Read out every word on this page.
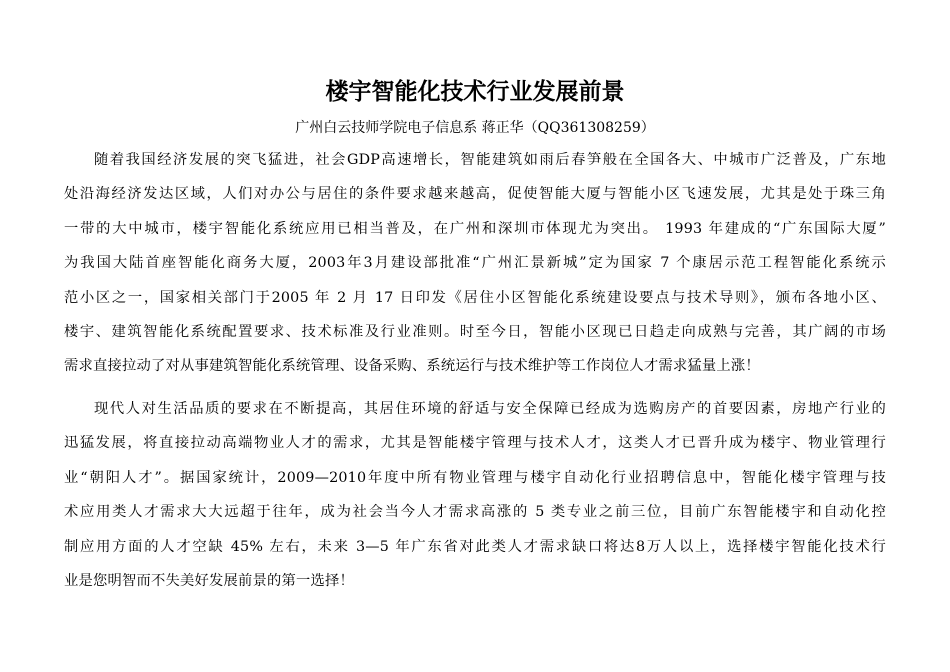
楼宇智能化技术行业发展前景
广州白云技师学院电子信息系 蒋正华（QQ361308259）
随着我国经济发展的突飞猛进，社会GDP高速增长，智能建筑如雨后春笋般在全国各大、中城市广泛普及，广东地
处沿海经济发达区域，人们对办公与居住的条件要求越来越高，促使智能大厦与智能小区飞速发展，尤其是处于珠三角
一带的大中城市，楼宇智能化系统应用已相当普及，在广州和深圳市体现尤为突出。 1993 年建成的“广东国际大厦”
为我国大陆首座智能化商务大厦，2003年3月建设部批准“广州汇景新城”定为国家 7 个康居示范工程智能化系统示
范小区之一，国家相关部门于2005 年 2 月 17 日印发《居住小区智能化系统建设要点与技术导则》，颁布各地小区、
楼宇、建筑智能化系统配置要求、技术标准及行业准则。时至今日，智能小区现已日趋走向成熟与完善，其广阔的市场
需求直接拉动了对从事建筑智能化系统管理、设备采购、系统运行与技术维护等工作岗位人才需求猛量上涨！
现代人对生活品质的要求在不断提高，其居住环境的舒适与安全保障已经成为选购房产的首要因素，房地产行业的
迅猛发展，将直接拉动高端物业人才的需求，尤其是智能楼宇管理与技术人才，这类人才已晋升成为楼宇、物业管理行
业“朝阳人才”。据国家统计，2009—2010年度中所有物业管理与楼宇自动化行业招聘信息中，智能化楼宇管理与技
术应用类人才需求大大远超于往年，成为社会当今人才需求高涨的 5 类专业之前三位，目前广东智能楼宇和自动化控
制应用方面的人才空缺 45% 左右，未来 3—5 年广东省对此类人才需求缺口将达8万人以上，选择楼宇智能化技术行
业是您明智而不失美好发展前景的第一选择！
